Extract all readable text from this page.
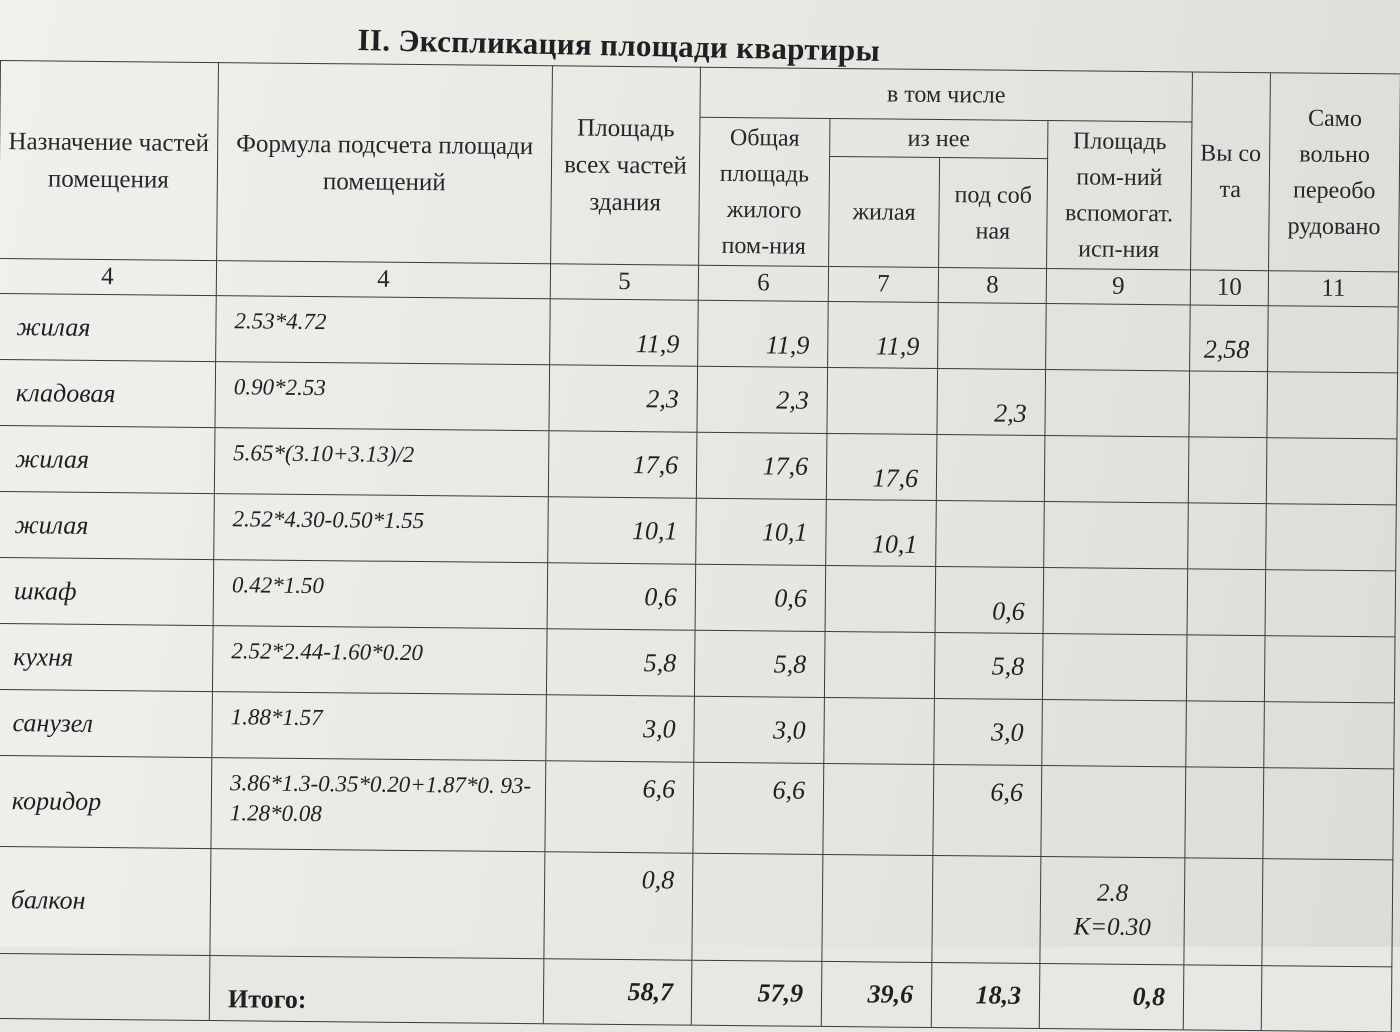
II. Экспликация площади квартиры
Назначение частей помещения	Формула подсчета площади помещений	Площадь всех частей здания	в том числе				Вы со та	Само вольно переобо рудовано
			Общая площадь жилого пом-ния	из нее		Площадь пом-ний вспомогат. исп-ния		
				жилая	под соб ная			
4	4	5	6	7	8	9	10	11
жилая	2.53*4.72	11,9	11,9	11,9			2,58	
кладовая	0.90*2.53	2,3	2,3		2,3			
жилая	5.65*(3.10+3.13)/2	17,6	17,6	17,6				
жилая	2.52*4.30-0.50*1.55	10,1	10,1	10,1				
шкаф	0.42*1.50	0,6	0,6		0,6			
кухня	2.52*2.44-1.60*0.20	5,8	5,8		5,8			
санузел	1.88*1.57	3,0	3,0		3,0			
коридор	3.86*1.3-0.35*0.20+1.87*0. 93-1.28*0.08	6,6	6,6		6,6			
балкон		0,8				2.8
K=0.30		

	Итого:	58,7	57,9	39,6	18,3	0,8		
